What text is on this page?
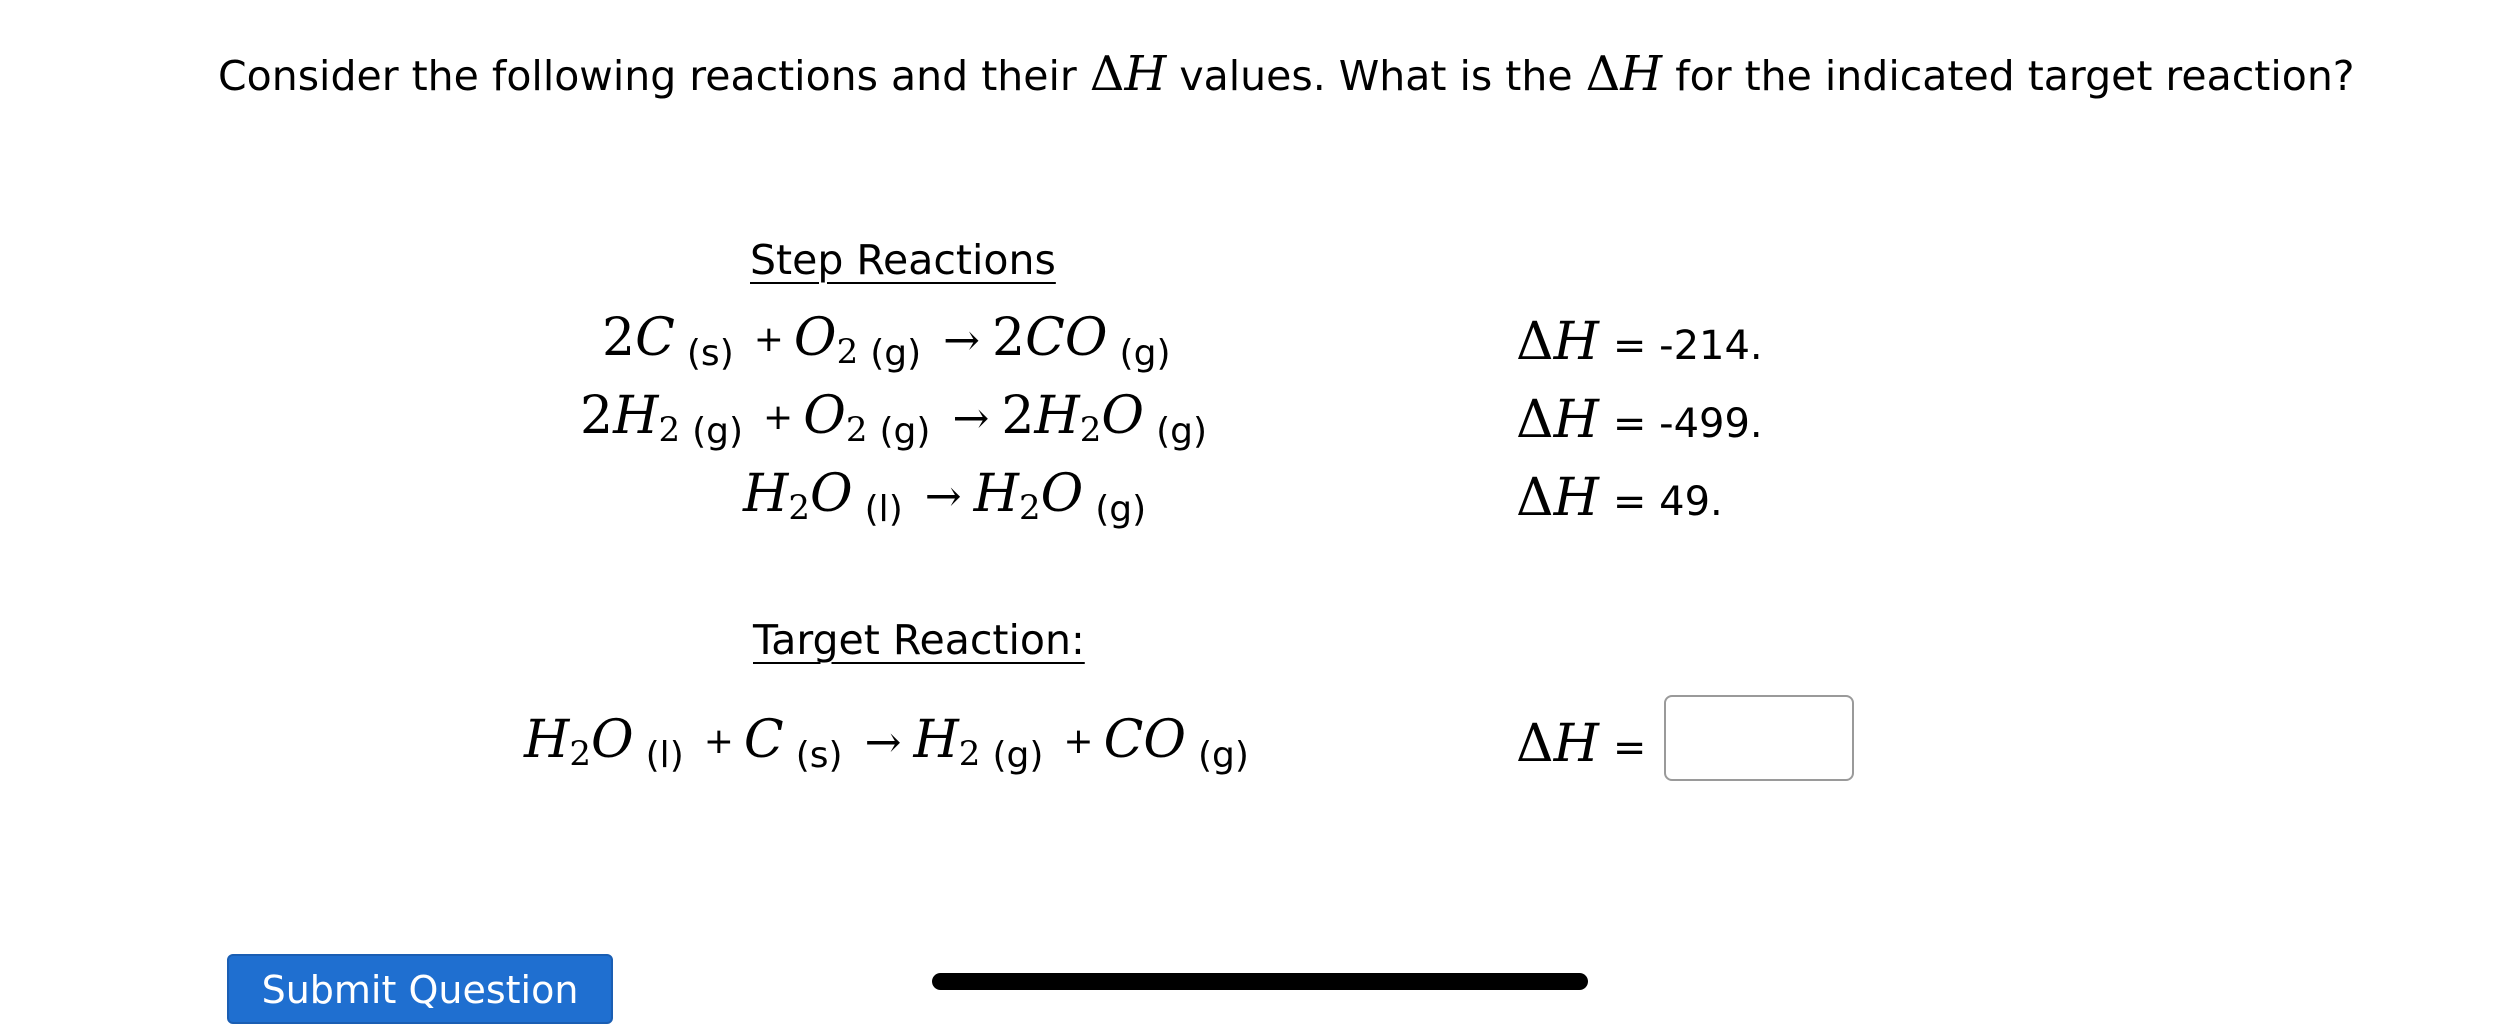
Consider the following reactions and their ΔH values. What is the ΔH for the indicated target reaction?
Step Reactions
2C $(s) + O_2$ (g) → 2CO (g)
$2H_2$ $(g) + O_2$ $(g) \to 2H_2O$ (g)
$H_2O$ $(l) \to H_2O$ (g)
ΔH = -214.
ΔH = -499.
ΔH = 49.
Target Reaction:
$H_2O$ (l) + C $(s) \to H_2$ (g) + CO (g)	ΔH =
Submit Question
